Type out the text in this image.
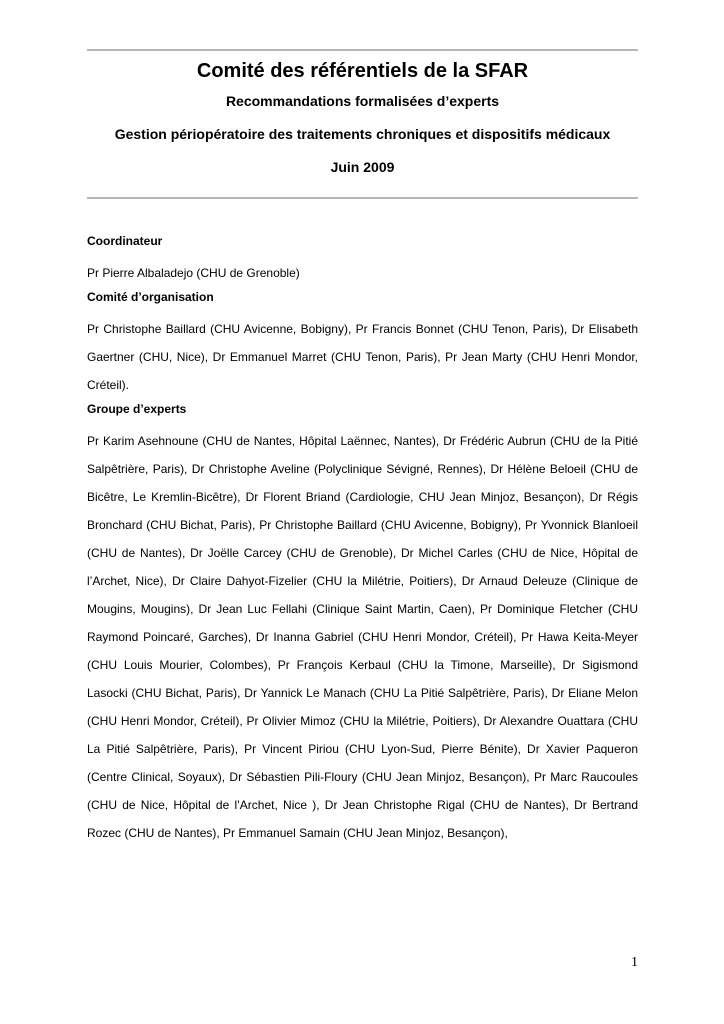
Comité des référentiels de la SFAR
Recommandations formalisées d’experts
Gestion périopératoire des traitements chroniques et dispositifs médicaux
Juin 2009
Coordinateur

Pr Pierre Albaladejo (CHU de Grenoble)

Comité d’organisation

Pr Christophe Baillard (CHU Avicenne, Bobigny), Pr Francis Bonnet (CHU Tenon, Paris), Dr Elisabeth Gaertner (CHU, Nice), Dr Emmanuel Marret (CHU Tenon, Paris), Pr Jean Marty (CHU Henri Mondor, Créteil).

Groupe d’experts

Pr Karim Asehnoune (CHU de Nantes, Hôpital Laënnec, Nantes), Dr Frédéric Aubrun (CHU de la Pitié Salpêtrière, Paris), Dr Christophe Aveline (Polyclinique Sévigné, Rennes), Dr Hélène Beloeil (CHU de Bicêtre, Le Kremlin-Bicêtre), Dr Florent Briand (Cardiologie, CHU Jean Minjoz, Besançon), Dr Régis Bronchard (CHU Bichat, Paris), Pr Christophe Baillard (CHU Avicenne, Bobigny), Pr Yvonnick Blanloeil (CHU de Nantes), Dr Joëlle Carcey (CHU de Grenoble), Dr Michel Carles (CHU de Nice, Hôpital de l’Archet, Nice), Dr Claire Dahyot-Fizelier (CHU la Milétrie, Poitiers), Dr Arnaud Deleuze (Clinique de Mougins, Mougins), Dr Jean Luc Fellahi (Clinique Saint Martin, Caen), Pr Dominique Fletcher (CHU Raymond Poincaré, Garches), Dr Inanna Gabriel (CHU Henri Mondor, Créteil), Pr Hawa Keita-Meyer (CHU Louis Mourier, Colombes), Pr François Kerbaul (CHU la Timone, Marseille), Dr Sigismond Lasocki (CHU Bichat, Paris), Dr Yannick Le Manach (CHU La Pitié Salpêtrière, Paris), Dr Eliane Melon (CHU Henri Mondor, Créteil), Pr Olivier Mimoz (CHU la Milétrie, Poitiers), Dr Alexandre Ouattara (CHU La Pitié Salpêtrière, Paris), Pr Vincent Piriou (CHU Lyon-Sud, Pierre Bénite), Dr Xavier Paqueron (Centre Clinical, Soyaux), Dr Sébastien Pili-Floury (CHU Jean Minjoz, Besançon), Pr Marc Raucoules (CHU de Nice, Hôpital de l’Archet, Nice ), Dr Jean Christophe Rigal (CHU de Nantes), Dr Bertrand Rozec (CHU de Nantes), Pr Emmanuel Samain (CHU Jean Minjoz, Besançon),

1
